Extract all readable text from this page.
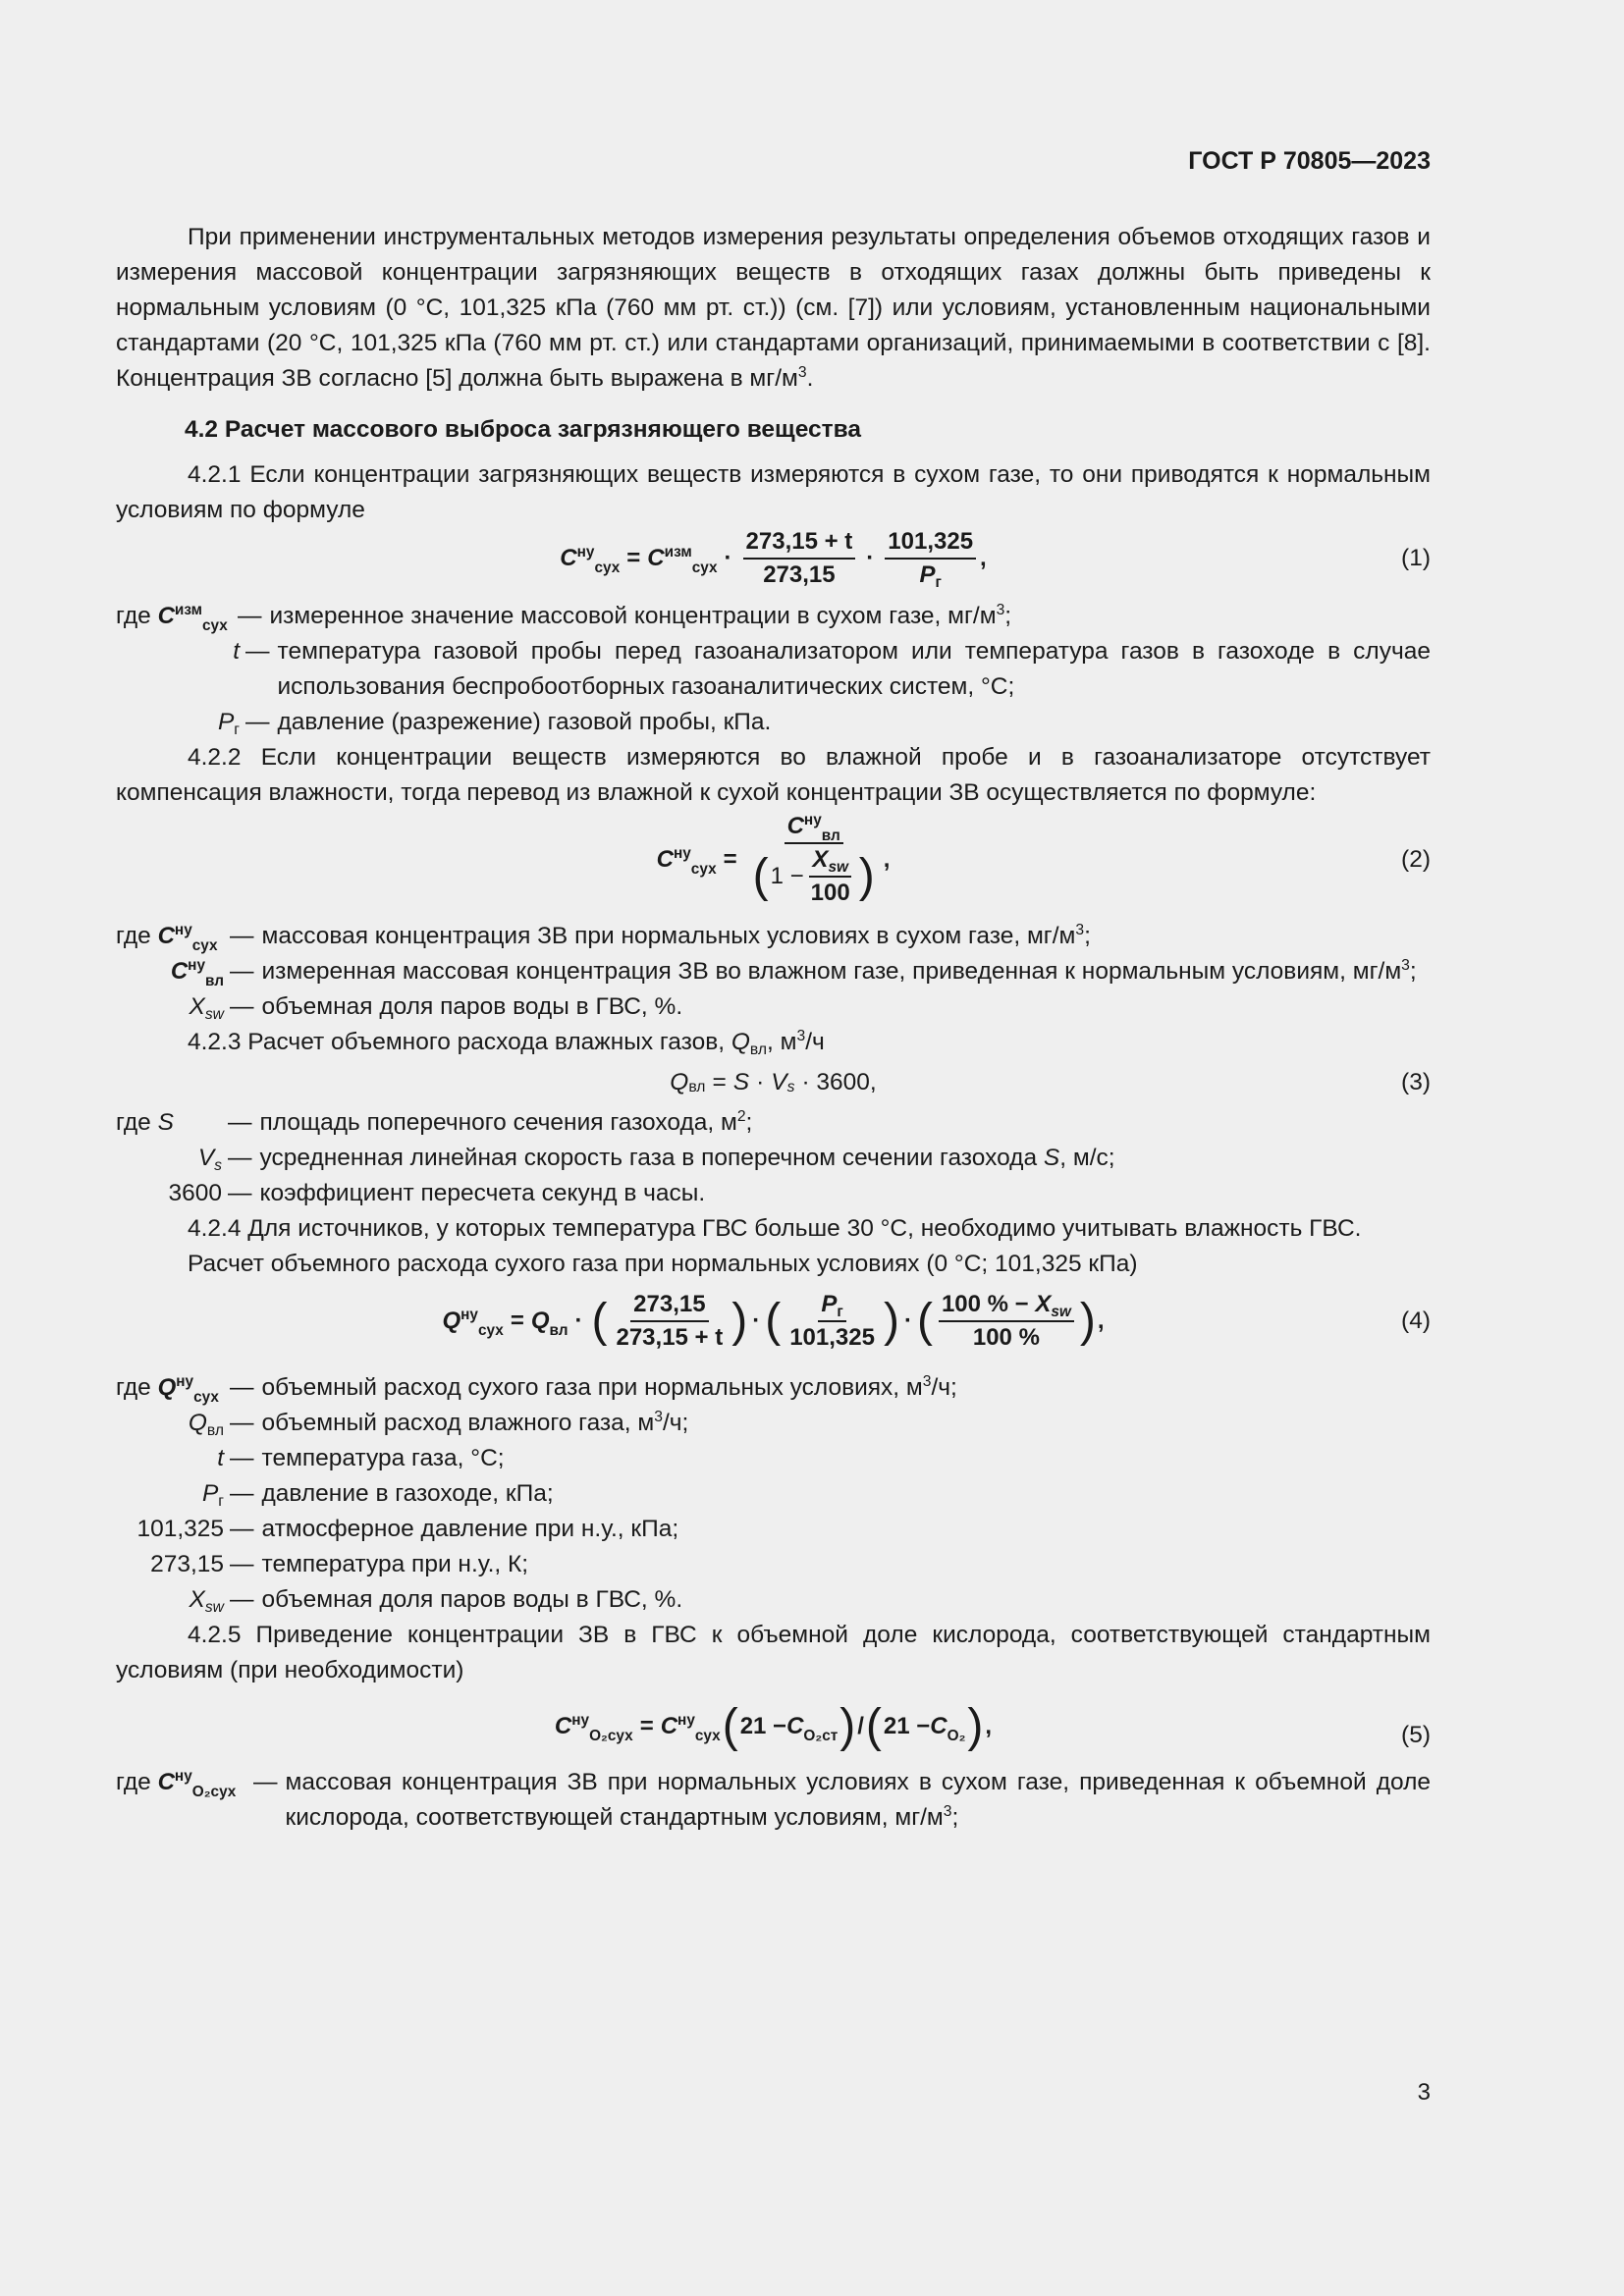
ГОСТ Р 70805—2023

При применении инструментальных методов измерения результаты определения объемов отходящих газов и измерения массовой концентрации загрязняющих веществ в отходящих газах должны быть приведены к нормальным условиям (0 °С, 101,325 кПа (760 мм рт. ст.)) (см. [7]) или условиям, установленным национальными стандартами (20 °С, 101,325 кПа (760 мм рт. ст.) или стандартами организаций, принимаемыми в соответствии с [8]. Концентрация ЗВ согласно [5] должна быть выражена в $мг/м^3$.

4.2 Расчет массового выброса загрязняющего вещества

4.2.1 Если концентрации загрязняющих веществ измеряются в сухом газе, то они приводятся к нормальным условиям по формуле

$C^{ну}_{сух} = C^{изм}_{сух} \cdot \frac{273,15 + t}{273,15} \cdot \frac{101,325}{P_г}$ ,	(1)
где $C^{изм}_{сух}$ — измеренное значение массовой концентрации в сухом газе, $мг/м^3$;
t — температура газовой пробы перед газоанализатором или температура газов в газоходе в случае использования беспробоотборных газоаналитических систем, °С;
$P_г$ — давление (разрежение) газовой пробы, кПа.

4.2.2 Если концентрации веществ измеряются во влажной пробе и в газоанализаторе отсутствует компенсация влажности, тогда перевод из влажной к сухой концентрации ЗВ осуществляется по формуле:

$C^{ну}_{сух} = \frac{C^{ну}_{вл}}{( 1 - \frac{X_{sw}}{100} )}$ ,	(2)
где $C^{ну}_{сух}$ — массовая концентрация ЗВ при нормальных условиях в сухом газе, $мг/м^3$;
$C^{ну}_{вл}$ — измеренная массовая концентрация ЗВ во влажном газе, приведенная к нормальным условиям, $мг/м^3$;
$X_{sw}$ — объемная доля паров воды в ГВС, %.

4.2.3 Расчет объемного расхода влажных газов, $Q_{вл}$, $м^3/ч$

$Q_{вл} = S \cdot V$ $_s$ · 3600,	(3)
где S	— площадь поперечного сечения газохода, $м^2$;
$V_s$ — усредненная линейная скорость газа в поперечном сечении газохода S, м/с;
3600 — коэффициент пересчета секунд в часы.

4.2.4 Для источников, у которых температура ГВС больше 30 °С, необходимо учитывать влажность ГВС.

Расчет объемного расхода сухого газа при нормальных условиях (0 °С; 101,325 кПа)

$Q^{ну}_{сух} = Q_{вл}$ · ( $\frac{273,15}{273,15 + t}$ ) · ( $\frac{P_г}{101,325}$ ) · ( $\frac{100 \% - X_{sw}}{100 \%}$ ) ,	(4)
где $Q^{ну}_{сух}$ — объемный расход сухого газа при нормальных условиях, $м^3/ч$;
$Q_{вл}$ — объемный расход влажного газа, $м^3/ч$;
t — температура газа, °С;
$P_г$ — давление в газоходе, кПа;
101,325 — атмосферное давление при н.у., кПа;
273,15 — температура при н.у., К;
$X_{sw}$ — объемная доля паров воды в ГВС, %.

4.2.5 Приведение концентрации ЗВ в ГВС к объемной доле кислорода, соответствующей стандартным условиям (при необходимости)

$C^{ну}_{O_2сух} = C^{ну}_{сух}$ ( $21 - C_{O_2ст}$ ) / ( $21 - C_{O_2}$ ) ,	(5)
где $C^{ну}_{O_2сух}$ — массовая концентрация ЗВ при нормальных условиях в сухом газе, приведенная к объемной доле кислорода, соответствующей стандартным условиям, $мг/м^3$;
3
